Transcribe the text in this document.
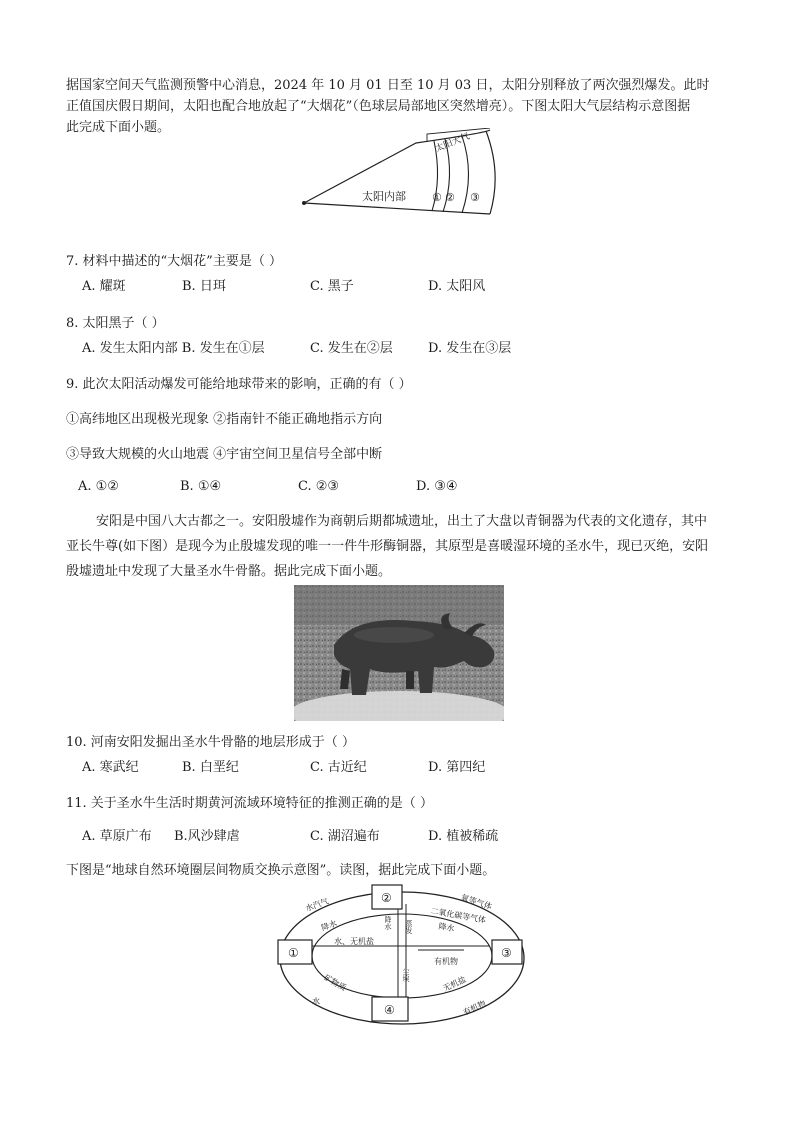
据国家空间天气监测预警中心消息，2024 年 10 月 01 日至 10 月 03 日，太阳分别释放了两次强烈爆发。此时
正值国庆假日期间，太阳也配合地放起了“大烟花”（色球层局部地区突然增亮）。下图太阳大气层结构示意图据
此完成下面小题。
太阳大气
太阳内部 ① ② ③
7. 材料中描述的“大烟花”主要是（ ）
A. 耀斑	B. 日珥	C. 黑子	D. 太阳风
8. 太阳黑子（ ）
A. 发生太阳内部 B. 发生在①层	C. 发生在②层	D. 发生在③层
9. 此次太阳活动爆发可能给地球带来的影响，正确的有（ ）
①高纬地区出现极光现象 ②指南针不能正确地指示方向
③导致大规模的火山地震 ④宇宙空间卫星信号全部中断
A. ①②	B. ①④	C. ②③	D. ③④
安阳是中国八大古都之一。安阳殷墟作为商朝后期都城遗址，出土了大盘以青铜器为代表的文化遗存，其中
亚长牛尊(如下图）是现今为止殷墟发现的唯一一件牛形酶铜器，其原型是喜暖湿环境的圣水牛，现已灭绝，安阳
殷墟遗址中发现了大量圣水牛骨骼。据此完成下面小题。
10. 河南安阳发掘出圣水牛骨骼的地层形成于（ ）
A. 寒武纪	B. 白垩纪	C. 古近纪	D. 第四纪
11. 关于圣水牛生活时期黄河流域环境特征的推测正确的是（ ）
A. 草原广布 B.风沙肆虐	C. 湖沼遍布	D. 植被稀疏
下图是“地球自然环境圈层间物质交换示意图”。读图，据此完成下面小题。
①
②
③
④
水汽气
降水
水、无机盐
降水 蒸发
氧等气体
二氧化碳等气体
降水
尘埃
有机物
矿物质	无机盐
有机物
水
